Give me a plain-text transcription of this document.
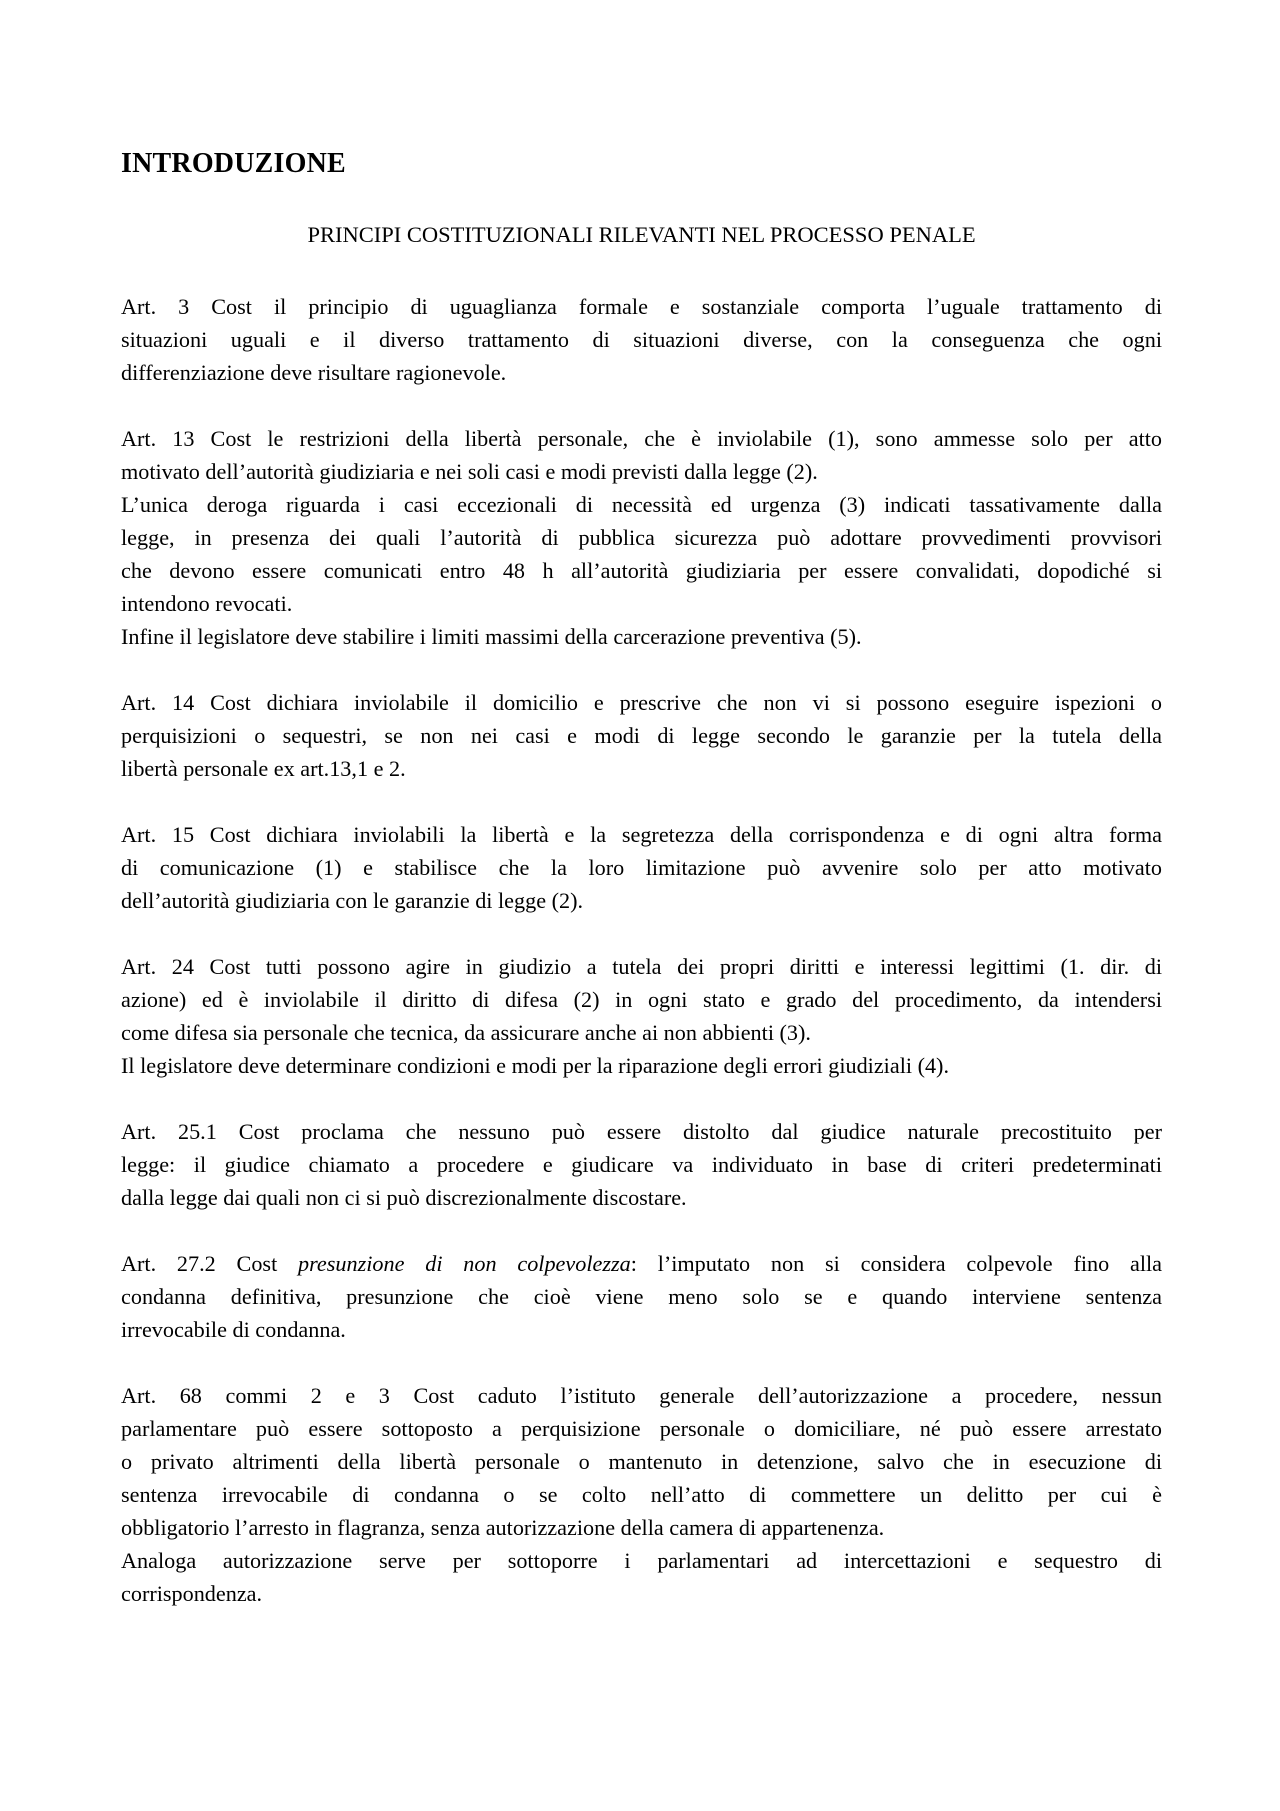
INTRODUZIONE
PRINCIPI COSTITUZIONALI RILEVANTI NEL PROCESSO PENALE
Art. 3 Cost il principio di uguaglianza formale e sostanziale comporta l’uguale trattamento di
situazioni uguali e il diverso trattamento di situazioni diverse, con la conseguenza che ogni
differenziazione deve risultare ragionevole.
Art. 13 Cost le restrizioni della libertà personale, che è inviolabile (1), sono ammesse solo per atto
motivato dell’autorità giudiziaria e nei soli casi e modi previsti dalla legge (2).
L’unica deroga riguarda i casi eccezionali di necessità ed urgenza (3) indicati tassativamente dalla
legge, in presenza dei quali l’autorità di pubblica sicurezza può adottare provvedimenti provvisori
che devono essere comunicati entro 48 h all’autorità giudiziaria per essere convalidati, dopodiché si
intendono revocati.
Infine il legislatore deve stabilire i limiti massimi della carcerazione preventiva (5).
Art. 14 Cost dichiara inviolabile il domicilio e prescrive che non vi si possono eseguire ispezioni o
perquisizioni o sequestri, se non nei casi e modi di legge secondo le garanzie per la tutela della
libertà personale ex art.13,1 e 2.
Art. 15 Cost dichiara inviolabili la libertà e la segretezza della corrispondenza e di ogni altra forma
di comunicazione (1) e stabilisce che la loro limitazione può avvenire solo per atto motivato
dell’autorità giudiziaria con le garanzie di legge (2).
Art. 24 Cost tutti possono agire in giudizio a tutela dei propri diritti e interessi legittimi (1. dir. di
azione) ed è inviolabile il diritto di difesa (2) in ogni stato e grado del procedimento, da intendersi
come difesa sia personale che tecnica, da assicurare anche ai non abbienti (3).
Il legislatore deve determinare condizioni e modi per la riparazione degli errori giudiziali (4).
Art. 25.1 Cost proclama che nessuno può essere distolto dal giudice naturale precostituito per
legge: il giudice chiamato a procedere e giudicare va individuato in base di criteri predeterminati
dalla legge dai quali non ci si può discrezionalmente discostare.
Art. 27.2 Cost presunzione di non colpevolezza: l’imputato non si considera colpevole fino alla
condanna definitiva, presunzione che cioè viene meno solo se e quando interviene sentenza
irrevocabile di condanna.
Art. 68 commi 2 e 3 Cost caduto l’istituto generale dell’autorizzazione a procedere, nessun
parlamentare può essere sottoposto a perquisizione personale o domiciliare, né può essere arrestato
o privato altrimenti della libertà personale o mantenuto in detenzione, salvo che in esecuzione di
sentenza irrevocabile di condanna o se colto nell’atto di commettere un delitto per cui è
obbligatorio l’arresto in flagranza, senza autorizzazione della camera di appartenenza.
Analoga autorizzazione serve per sottoporre i parlamentari ad intercettazioni e sequestro di
corrispondenza.
